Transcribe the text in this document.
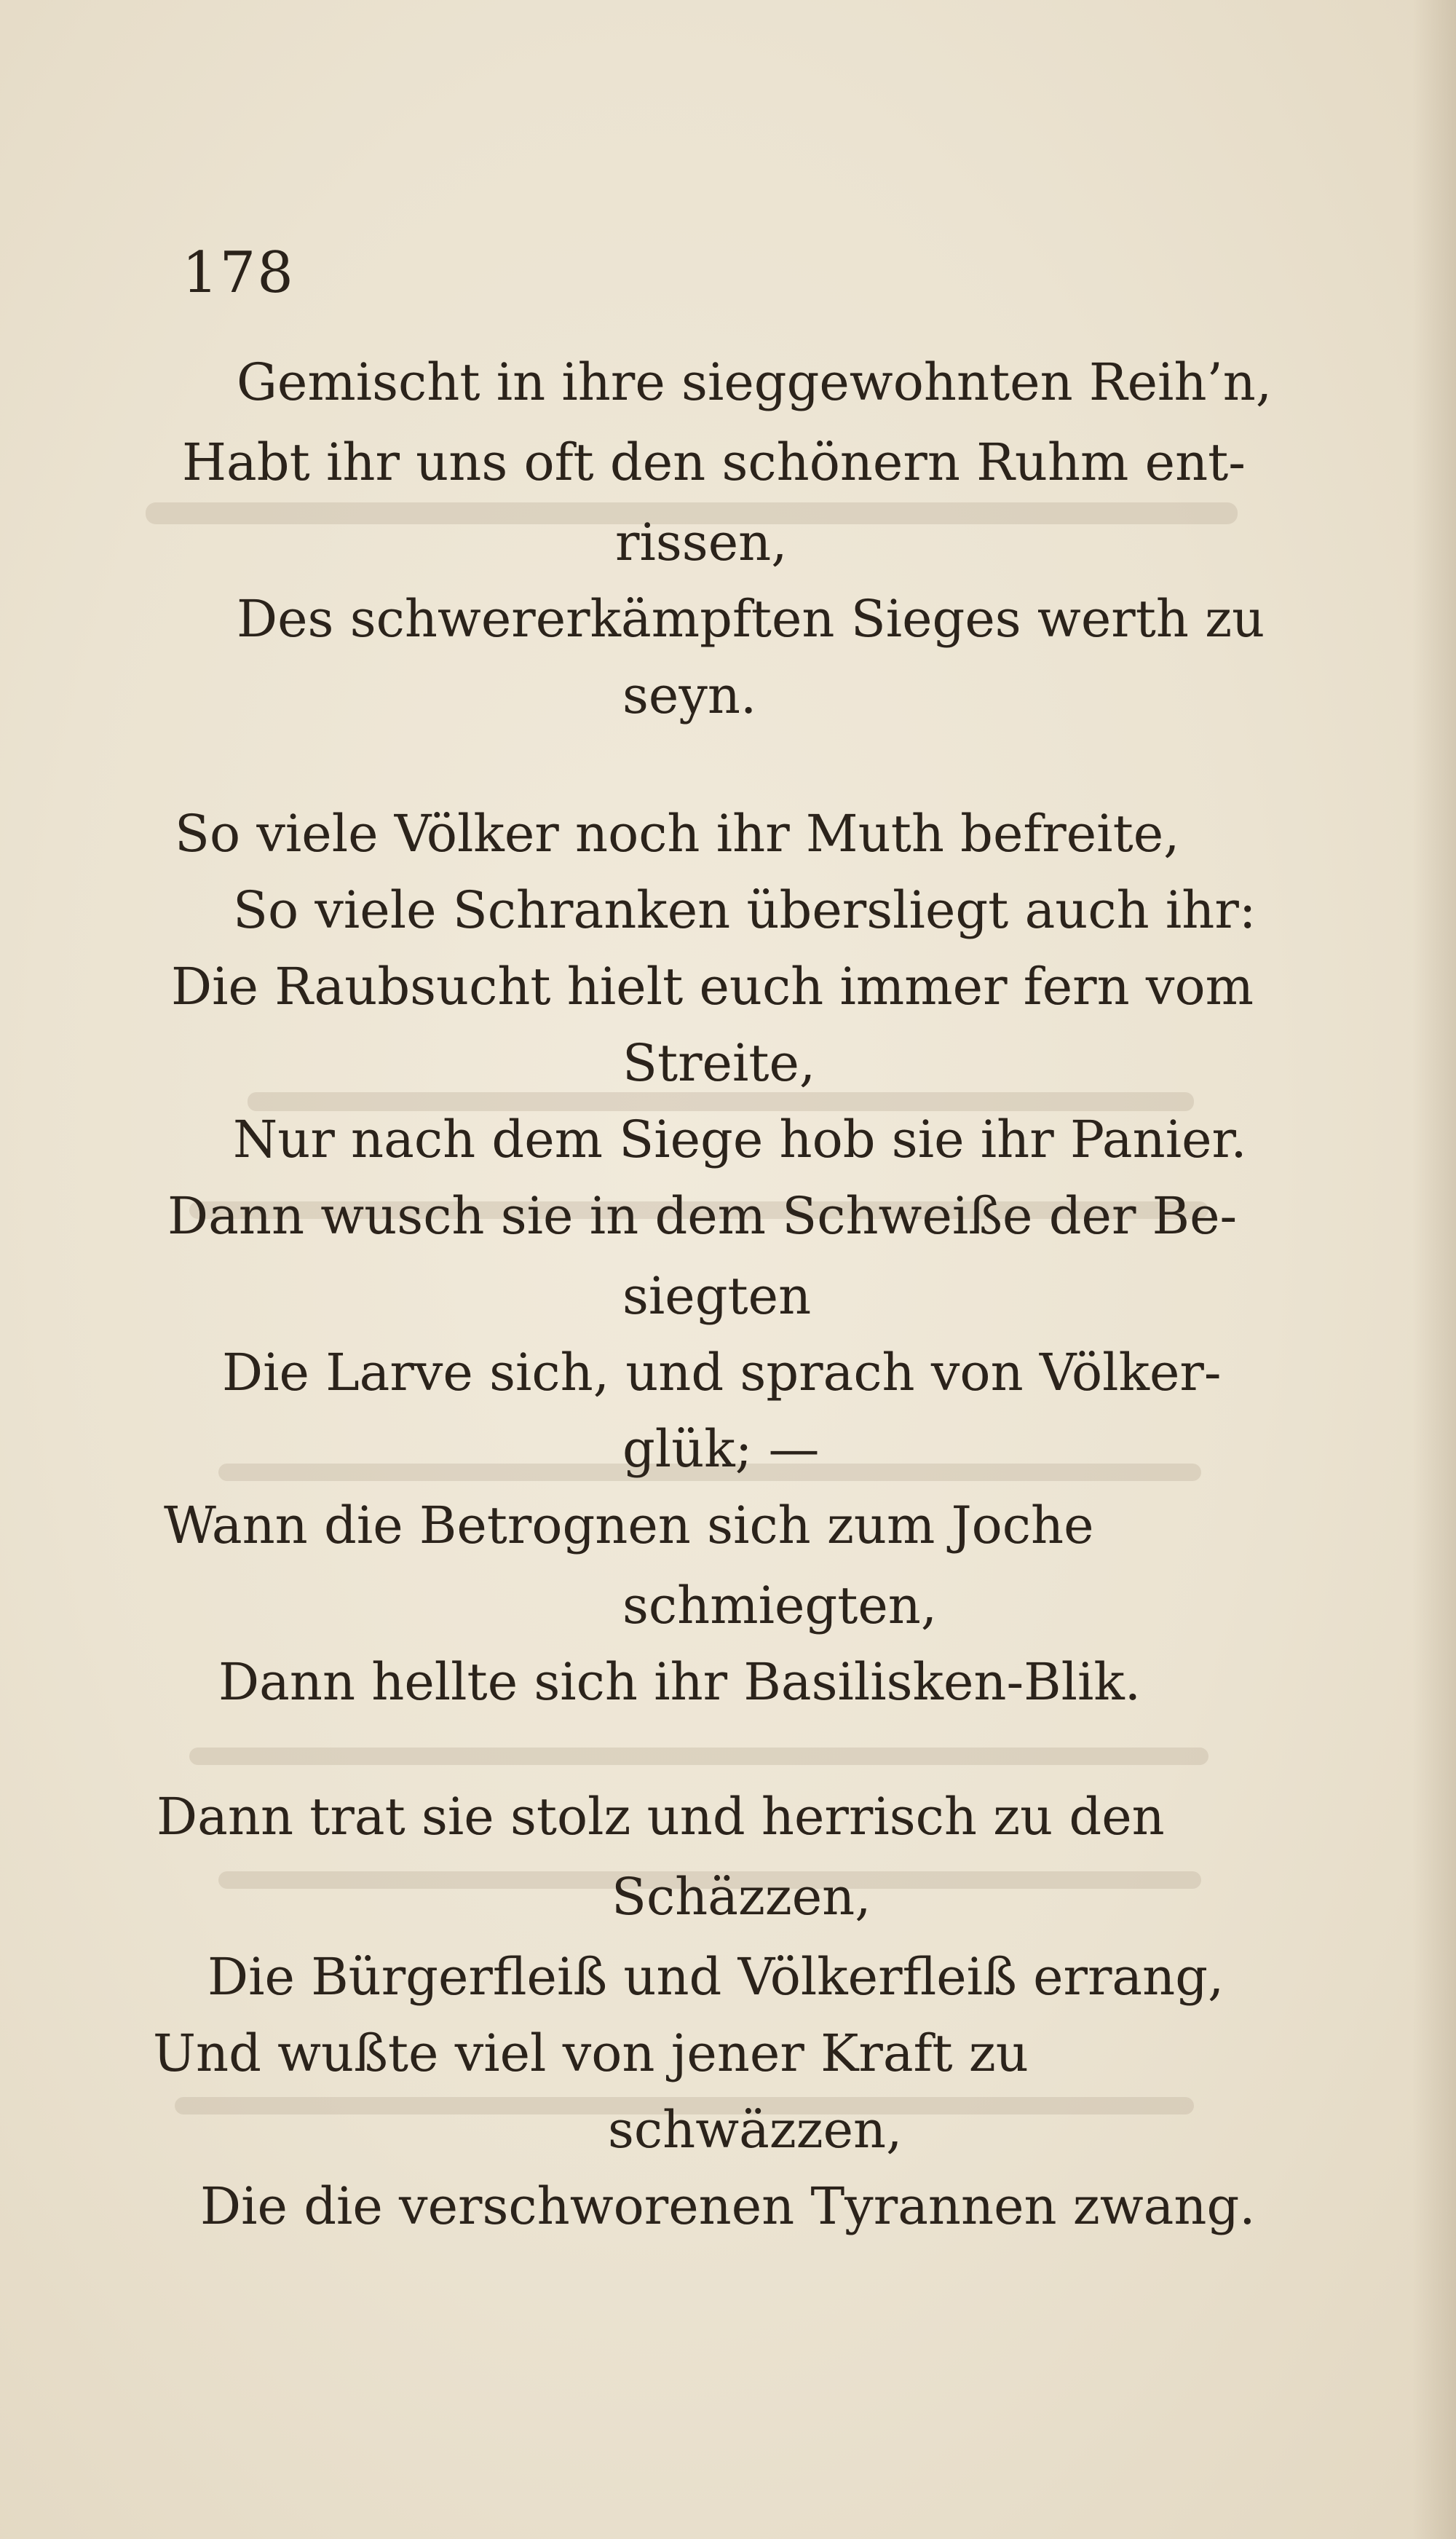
178
Gemischt in ihre sieggewohnten Reih’n,
Habt ihr uns oft den schönern Ruhm ent-
rissen,
Des schwererkämpften Sieges werth zu
seyn.
So viele Völker noch ihr Muth befreite,
So viele Schranken übersliegt auch ihr:
Die Raubsucht hielt euch immer fern vom
Streite,
Nur nach dem Siege hob sie ihr Panier.
Dann wusch sie in dem Schweiße der Be-
siegten
Die Larve sich, und sprach von Völker-
glük; —
Wann die Betrognen sich zum Joche
schmiegten,
Dann hellte sich ihr Basilisken-Blik.
Dann trat sie stolz und herrisch zu den
Schäzzen,
Die Bürgerfleiß und Völkerfleiß errang,
Und wußte viel von jener Kraft zu
schwäzzen,
Die die verschworenen Tyrannen zwang.
